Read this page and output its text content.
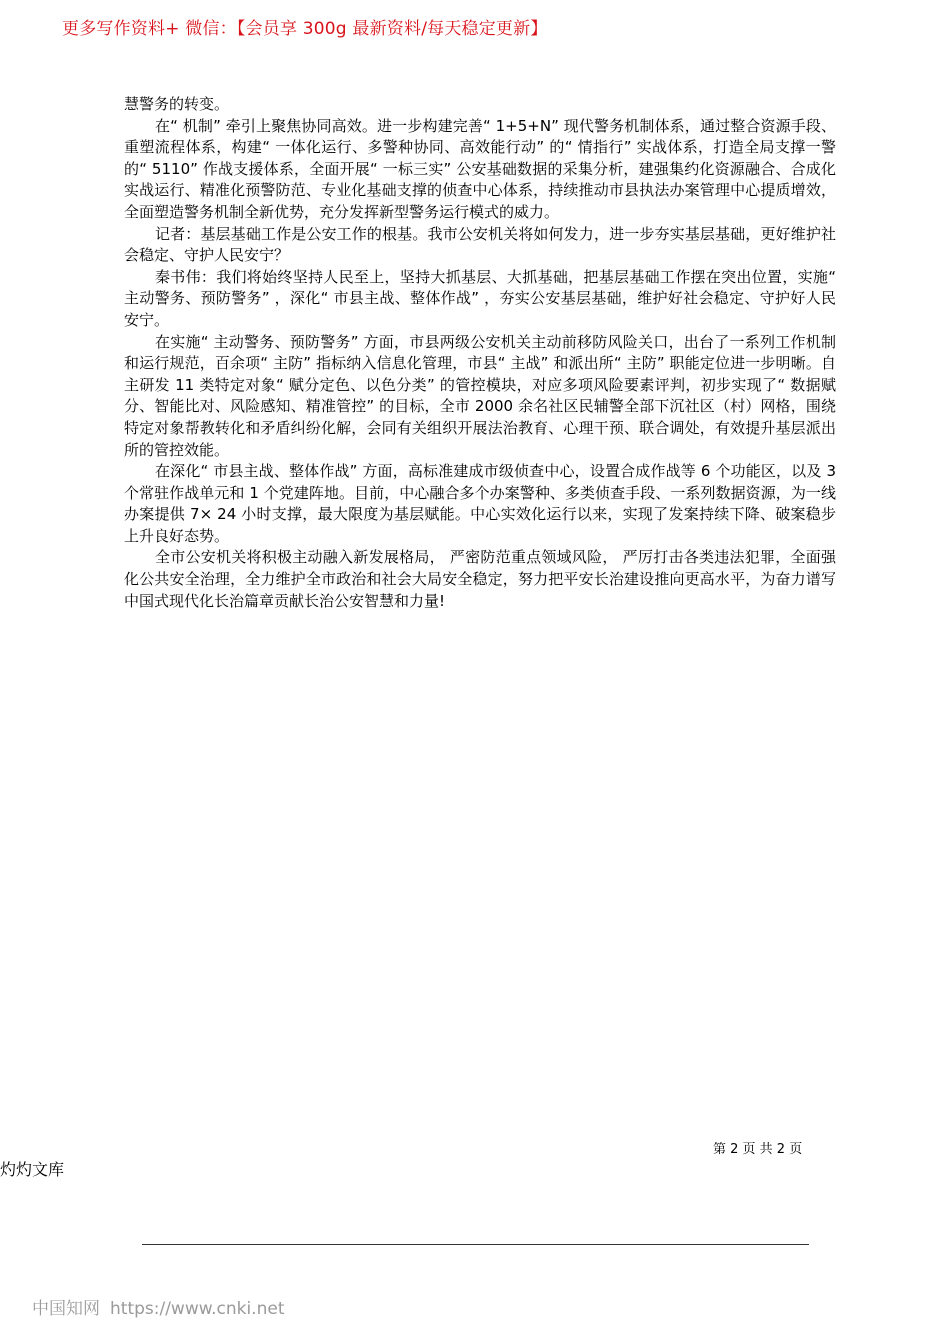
更多写作资料+ 微信：【会员享 300g 最新资料/每天稳定更新】

慧警务的转变。

在“ 机制” 牵引上聚焦协同高效。进一步构建完善“ 1+5+N” 现代警务机制体系，通过整合资源手段、重塑流程体系，构建“ 一体化运行、多警种协同、高效能行动” 的“ 情指行” 实战体系，打造全局支撑一警的“ 5110” 作战支援体系，全面开展“ 一标三实” 公安基础数据的采集分析，建强集约化资源融合、合成化实战运行、精准化预警防范、专业化基础支撑的侦查中心体系，持续推动市县执法办案管理中心提质增效，全面塑造警务机制全新优势，充分发挥新型警务运行模式的威力。

记者：基层基础工作是公安工作的根基。我市公安机关将如何发力，进一步夯实基层基础，更好维护社会稳定、守护人民安宁？

秦书伟：我们将始终坚持人民至上，坚持大抓基层、大抓基础，把基层基础工作摆在突出位置，实施“ 主动警务、预防警务” ，深化“ 市县主战、整体作战” ，夯实公安基层基础，维护好社会稳定、守护好人民安宁。

在实施“ 主动警务、预防警务” 方面，市县两级公安机关主动前移防风险关口，出台了一系列工作机制和运行规范，百余项“ 主防” 指标纳入信息化管理，市县“ 主战” 和派出所“ 主防” 职能定位进一步明晰。自主研发 11 类特定对象“ 赋分定色、以色分类” 的管控模块，对应多项风险要素评判，初步实现了“ 数据赋分、智能比对、风险感知、精准管控” 的目标，全市 2000 余名社区民辅警全部下沉社区（村）网格，围绕特定对象帮教转化和矛盾纠纷化解，会同有关组织开展法治教育、心理干预、联合调处，有效提升基层派出所的管控效能。

在深化“ 市县主战、整体作战” 方面，高标准建成市级侦查中心，设置合成作战等 6 个功能区，以及 3 个常驻作战单元和 1 个党建阵地。目前，中心融合多个办案警种、多类侦查手段、一系列数据资源，为一线办案提供 7× 24 小时支撑，最大限度为基层赋能。中心实效化运行以来，实现了发案持续下降、破案稳步上升良好态势。

全市公安机关将积极主动融入新发展格局， 严密防范重点领域风险， 严厉打击各类违法犯罪，全面强化公共安全治理，全力维护全市政治和社会大局安全稳定，努力把平安长治建设推向更高水平，为奋力谱写中国式现代化长治篇章贡献长治公安智慧和力量!

第 2 页 共 2 页
灼灼文库
中国知网 https://www.cnki.net
